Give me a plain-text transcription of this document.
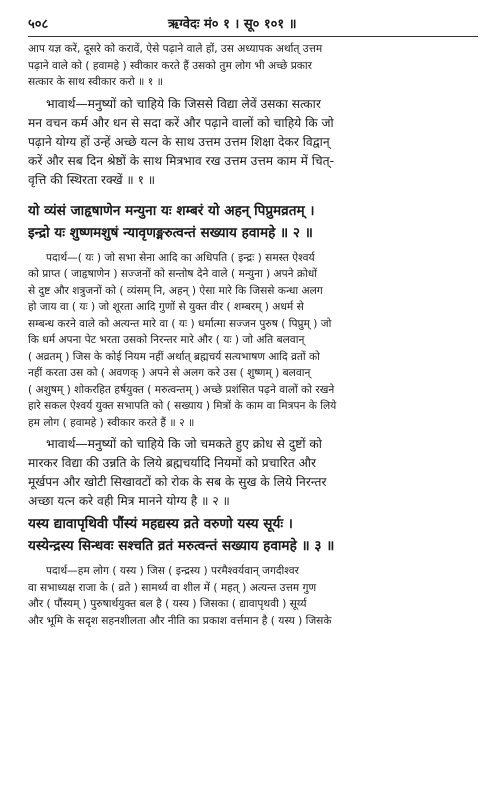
५०८	ऋग्वेदः मं० १ । सू० १०१ ॥

आप यज्ञ करें, दूसरे को करावें, ऐसे पढ़ाने वाले हों, उस अध्यापक अर्थात् उत्तम

पढ़ाने वाले को ( हवामहे ) स्वीकार करते हैं उसको तुम लोग भी अच्छे प्रकार

सत्कार के साथ स्वीकार करो ॥ १ ॥

भावार्थ—मनुष्यों को चाहिये कि जिससे विद्या लेवें उसका सत्कार

मन वचन कर्म और धन से सदा करें और पढ़ाने वालों को चाहिये कि जो

पढ़ाने योग्य हों उन्हें अच्छे यत्न के साथ उत्तम उत्तम शिक्षा देकर विद्वान्

करें और सब दिन श्रेष्ठों के साथ मित्रभाव रख उत्तम उत्तम काम में चित्-

वृत्ति की स्थिरता रक्खें ॥ १ ॥

यो व्यंसं जाहृषाणेन मन्युना यः शम्बरं यो अहन् पिप्रुमव्रतम् ।

इन्द्रो यः शुष्णमशुषं न्यावृणङ्मरुत्वन्तं सख्याय हवामहे ॥ २ ॥

पदार्थ—( यः ) जो सभा सेना आदि का अधिपति ( इन्द्रः ) समस्त ऐश्वर्य

को प्राप्त ( जाहृषाणेन ) सज्जनों को सन्तोष देने वाले ( मन्युना ) अपने क्रोधों

से दुष्ट और शत्रुजनों को ( व्यंसम् नि, अहन् ) ऐसा मारे कि जिससे कन्धा अलग

हो जाय वा ( यः ) जो शूरता आदि गुणों से युक्त वीर ( शम्बरम् ) अधर्म से

सम्बन्ध करने वाले को अत्यन्त मारे वा ( यः ) धर्मात्मा सज्जन पुरुष ( पिप्रुम् ) जो

कि धर्म अपना पेट भरता उसको निरन्तर मारे और ( यः ) जो अति बलवान्

( अव्रतम् ) जिस के कोई नियम नहीं अर्थात् ब्रह्मचर्य सत्यभाषण आदि व्रतों को

नहीं करता उस को ( अवणक् ) अपने से अलग करे उस ( शुष्णम् ) बलवान्

( अशुषम् ) शोकरहित हर्षयुक्त ( मरुत्वन्तम् ) अच्छे प्रशंसित पढ़ने वालों को रखने

हारे सकल ऐश्वर्य युक्त सभापति को ( सख्याय ) मित्रों के काम वा मित्रपन के लिये

हम लोग ( हवामहे ) स्वीकार करते हैं ॥ २ ॥

भावार्थ—मनुष्यों को चाहिये कि जो चमकते हुए क्रोध से दुष्टों को

मारकर विद्या की उन्नति के लिये ब्रह्मचर्यादि नियमों को प्रचारित और

मूर्खपन और खोटी सिखावटों को रोक के सब के सुख के लिये निरन्तर

अच्छा यत्न करे वही मित्र मानने योग्य है ॥ २ ॥

यस्य द्यावापृथिवी पौंस्यं महद्यस्य व्रते वरुणो यस्य सूर्यः ।

यस्येन्द्रस्य सिन्धवः सश्चति व्रतं मरुत्वन्तं सख्याय हवामहे ॥ ३ ॥

पदार्थ—हम लोग ( यस्य ) जिस ( इन्द्रस्य ) परमैश्वर्यवान् जगदीश्वर

वा सभाध्यक्ष राजा के ( व्रते ) सामर्थ्य वा शील में ( महत् ) अत्यन्त उत्तम गुण

और ( पौंस्यम् ) पुरुषार्थयुक्त बल है ( यस्य ) जिसका ( द्यावापृथवी ) सूर्य्य

और भूमि के सदृश सहनशीलता और नीति का प्रकाश वर्त्तमान है ( यस्य ) जिसके
